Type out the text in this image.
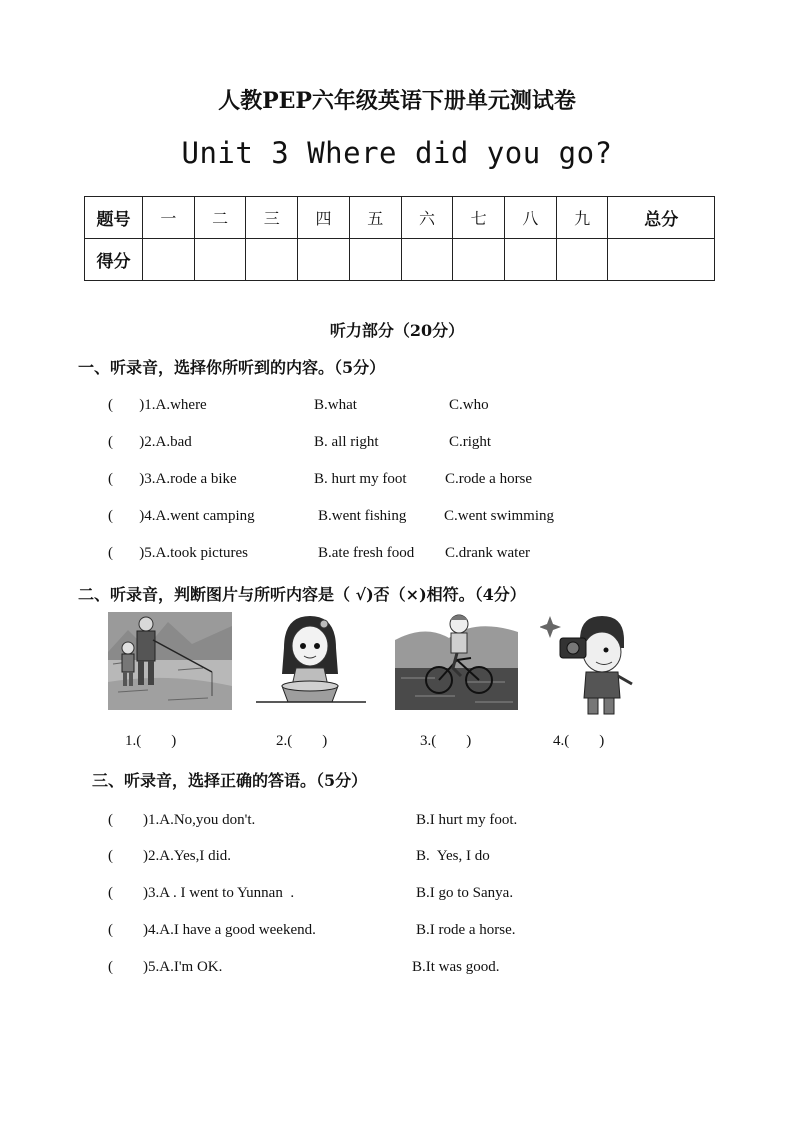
人教PEP六年级英语下册单元测试卷
Unit 3 Where did you go?
题号	一	二	三	四	五	六	七	八	九	总分
得分										
听力部分（20分）
一、听录音，选择你所听到的内容。（5分）
(       )1.A.where	B.what	C.who
(       )2.A.bad	B. all right	C.right
(       )3.A.rode a bike	B. hurt my foot	C.rode a horse
(       )4.A.went camping	B.went fishing	C.went swimming
(       )5.A.took pictures	B.ate fresh food C.drank water
二、听录音，判断图片与所听内容是（ √)否（×)相符。（4分）
1.(        )	2.(        )	3.(        )	4.(        )
三、听录音，选择正确的答语。（5分）
(        )1.A.No,you don't.	B.I hurt my foot.
(        )2.A.Yes,I did.	B.  Yes, I do
(        )3.A . I went to Yunnan  .	B.I go to Sanya.
(        )4.A.I have a good weekend.	B.I rode a horse.
(        )5.A.I'm OK.	B.It was good.
